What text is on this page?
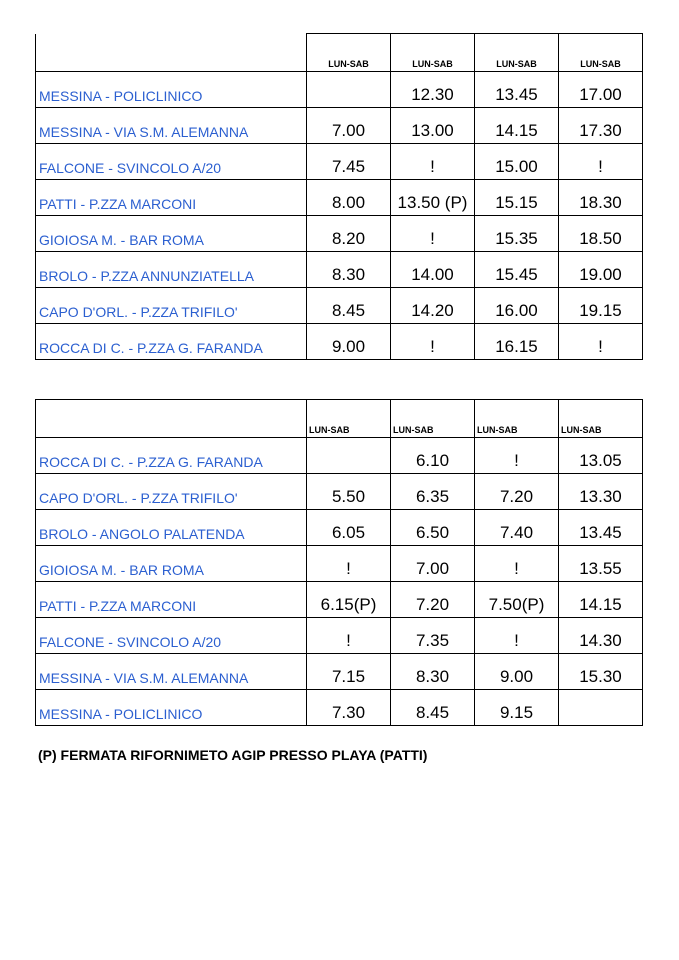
	LUN-SAB	LUN-SAB	LUN-SAB	LUN-SAB
MESSINA - POLICLINICO		12.30	13.45	17.00
MESSINA - VIA S.M. ALEMANNA	7.00	13.00	14.15	17.30
FALCONE - SVINCOLO A/20	7.45	!	15.00	!
PATTI - P.ZZA MARCONI	8.00	13.50 (P)	15.15	18.30
GIOIOSA M. - BAR ROMA	8.20	!	15.35	18.50
BROLO - P.ZZA ANNUNZIATELLA	8.30	14.00	15.45	19.00
CAPO D'ORL. - P.ZZA TRIFILO'	8.45	14.20	16.00	19.15
ROCCA DI C. - P.ZZA G. FARANDA	9.00	!	16.15	!
	LUN-SAB	LUN-SAB	LUN-SAB	LUN-SAB
ROCCA DI C. - P.ZZA G. FARANDA		6.10	!	13.05
CAPO D'ORL. - P.ZZA TRIFILO'	5.50	6.35	7.20	13.30
BROLO - ANGOLO PALATENDA	6.05	6.50	7.40	13.45
GIOIOSA M. - BAR ROMA	!	7.00	!	13.55
PATTI - P.ZZA MARCONI	6.15(P)	7.20	7.50(P)	14.15
FALCONE - SVINCOLO A/20	!	7.35	!	14.30
MESSINA - VIA S.M. ALEMANNA	7.15	8.30	9.00	15.30
MESSINA - POLICLINICO	7.30	8.45	9.15	

(P) FERMATA RIFORNIMETO AGIP PRESSO PLAYA (PATTI)
